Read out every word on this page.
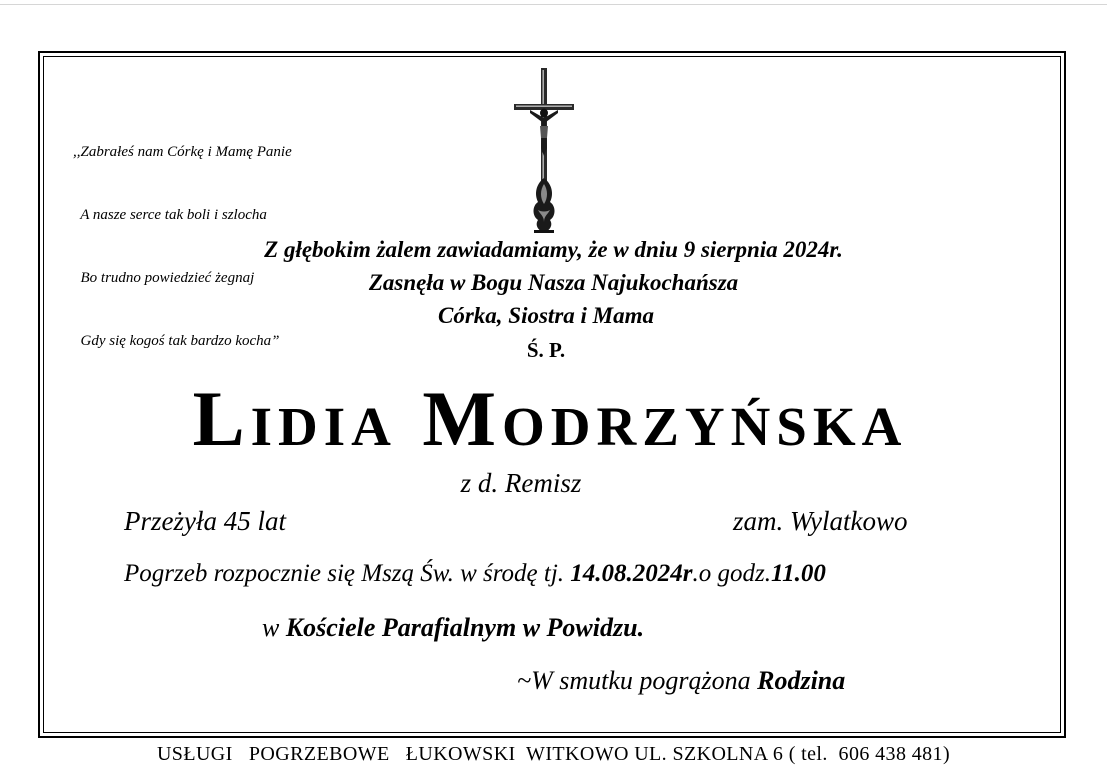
,,Zabrałeś nam Córkę i Mamę Panie

A nasze serce tak boli i szlocha

Bo trudno powiedzieć żegnaj

Gdy się kogoś tak bardzo kocha”

Z głębokim żalem zawiadamiamy, że w dniu 9 sierpnia 2024r.
Zasnęła w Bogu Nasza Najukochańsza
Córka, Siostra i Mama
Ś. P.
Lidia Modrzyńska
z d. Remisz
Przeżyła 45 lat	zam. Wylatkowo
Pogrzeb rozpocznie się Mszą Św. w środę tj. 14.08.2024r.o godz.11.00
w Kościele Parafialnym w Powidzu.
~W smutku pogrążona Rodzina
USŁUGI   POGRZEBOWE   ŁUKOWSKI  WITKOWO UL. SZKOLNA 6 ( tel.  606 438 481)
